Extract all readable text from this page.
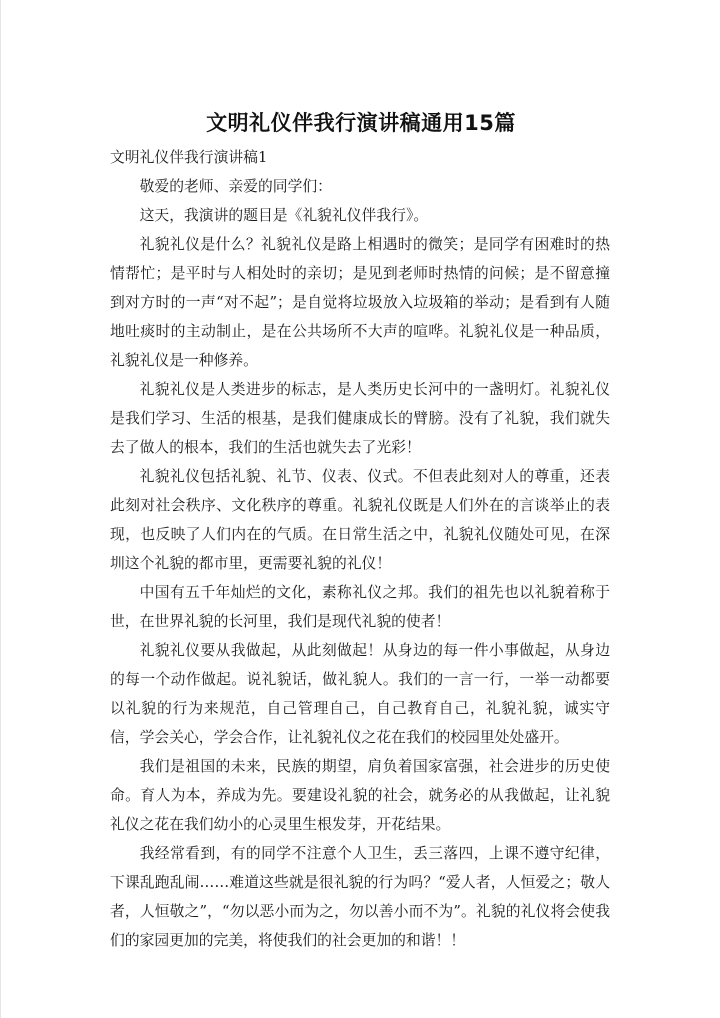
文明礼仪伴我行演讲稿通用15篇

文明礼仪伴我行演讲稿1

敬爱的老师、亲爱的同学们：

这天，我演讲的题目是《礼貌礼仪伴我行》。

礼貌礼仪是什么？礼貌礼仪是路上相遇时的微笑；是同学有困难时的热情帮忙；是平时与人相处时的亲切；是见到老师时热情的问候；是不留意撞到对方时的一声“对不起”；是自觉将垃圾放入垃圾箱的举动；是看到有人随地吐痰时的主动制止，是在公共场所不大声的喧哗。礼貌礼仪是一种品质，礼貌礼仪是一种修养。

礼貌礼仪是人类进步的标志，是人类历史长河中的一盏明灯。礼貌礼仪是我们学习、生活的根基，是我们健康成长的臂膀。没有了礼貌，我们就失去了做人的根本，我们的生活也就失去了光彩！

礼貌礼仪包括礼貌、礼节、仪表、仪式。不但表此刻对人的尊重，还表此刻对社会秩序、文化秩序的尊重。礼貌礼仪既是人们外在的言谈举止的表现，也反映了人们内在的气质。在日常生活之中，礼貌礼仪随处可见，在深圳这个礼貌的都市里，更需要礼貌的礼仪！

中国有五千年灿烂的文化，素称礼仪之邦。我们的祖先也以礼貌着称于世，在世界礼貌的长河里，我们是现代礼貌的使者！

礼貌礼仪要从我做起，从此刻做起！从身边的每一件小事做起，从身边的每一个动作做起。说礼貌话，做礼貌人。我们的一言一行，一举一动都要以礼貌的行为来规范，自己管理自己，自己教育自己，礼貌礼貌，诚实守信，学会关心，学会合作，让礼貌礼仪之花在我们的校园里处处盛开。

我们是祖国的未来，民族的期望，肩负着国家富强，社会进步的历史使命。育人为本，养成为先。要建设礼貌的社会，就务必的从我做起，让礼貌礼仪之花在我们幼小的心灵里生根发芽，开花结果。

我经常看到，有的同学不注意个人卫生，丢三落四，上课不遵守纪律，下课乱跑乱闹……难道这些就是很礼貌的行为吗？“爱人者，人恒爱之；敬人者，人恒敬之”，“勿以恶小而为之，勿以善小而不为”。礼貌的礼仪将会使我们的家园更加的完美，将使我们的社会更加的和谐！！
